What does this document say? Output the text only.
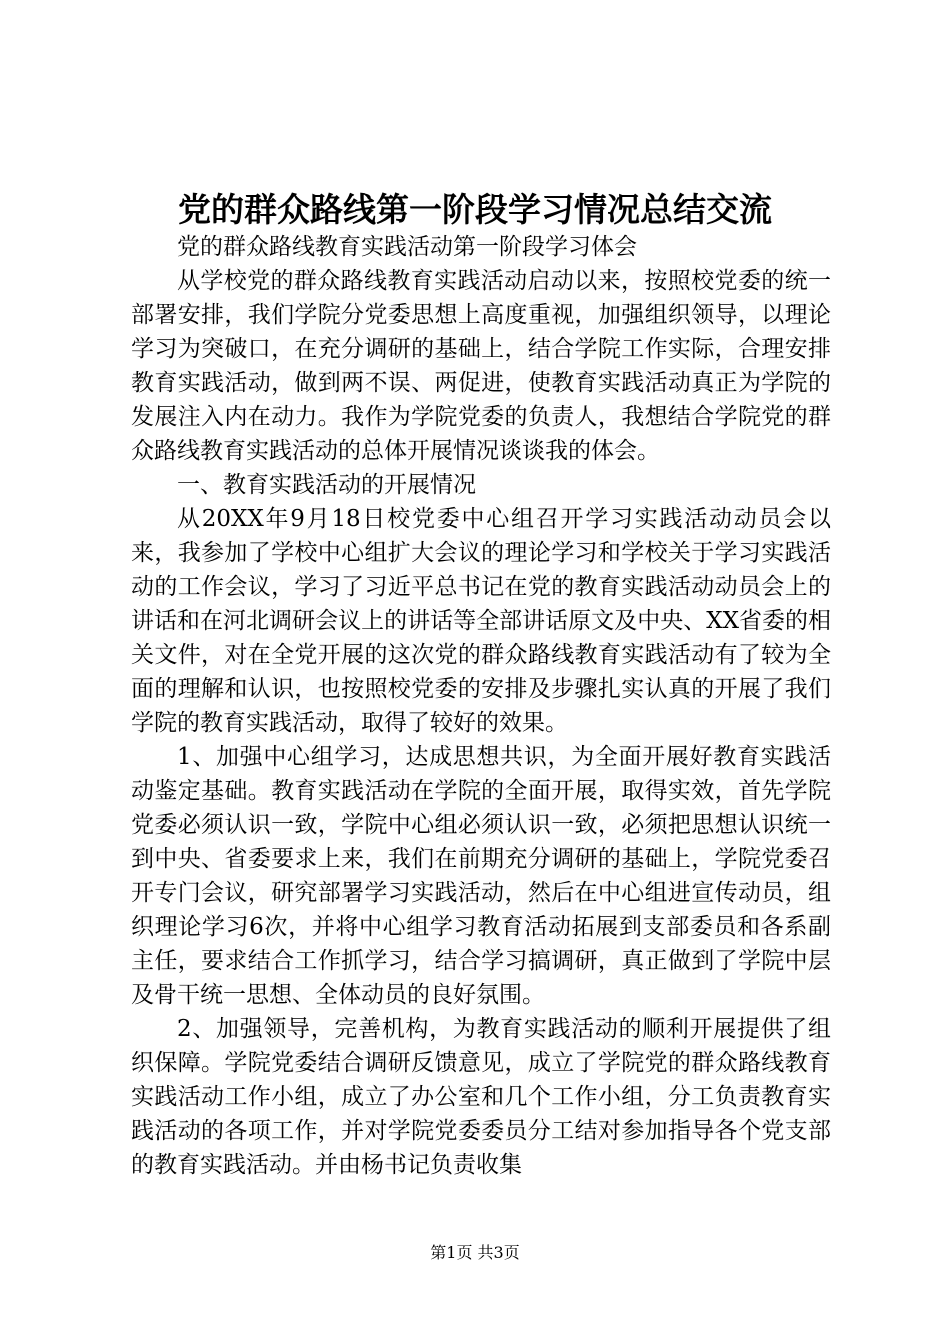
党的群众路线第一阶段学习情况总结交流

党的群众路线教育实践活动第一阶段学习体会

从学校党的群众路线教育实践活动启动以来，按照校党委的统一部署安排，我们学院分党委思想上高度重视，加强组织领导，以理论学习为突破口，在充分调研的基础上，结合学院工作实际，合理安排教育实践活动，做到两不误、两促进，使教育实践活动真正为学院的发展注入内在动力。我作为学院党委的负责人，我想结合学院党的群众路线教育实践活动的总体开展情况谈谈我的体会。

一、教育实践活动的开展情况

从20XX年9月18日校党委中心组召开学习实践活动动员会以来，我参加了学校中心组扩大会议的理论学习和学校关于学习实践活动的工作会议，学习了习近平总书记在党的教育实践活动动员会上的讲话和在河北调研会议上的讲话等全部讲话原文及中央、XX省委的相关文件，对在全党开展的这次党的群众路线教育实践活动有了较为全面的理解和认识，也按照校党委的安排及步骤扎实认真的开展了我们学院的教育实践活动，取得了较好的效果。

1、加强中心组学习，达成思想共识，为全面开展好教育实践活动鉴定基础。教育实践活动在学院的全面开展，取得实效，首先学院党委必须认识一致，学院中心组必须认识一致，必须把思想认识统一到中央、省委要求上来，我们在前期充分调研的基础上，学院党委召开专门会议，研究部署学习实践活动，然后在中心组进宣传动员，组织理论学习6次，并将中心组学习教育活动拓展到支部委员和各系副主任，要求结合工作抓学习，结合学习搞调研，真正做到了学院中层及骨干统一思想、全体动员的良好氛围。

2、加强领导，完善机构，为教育实践活动的顺利开展提供了组织保障。学院党委结合调研反馈意见，成立了学院党的群众路线教育实践活动工作小组，成立了办公室和几个工作小组，分工负责教育实践活动的各项工作，并对学院党委委员分工结对参加指导各个党支部的教育实践活动。并由杨书记负责收集

第1页 共3页
